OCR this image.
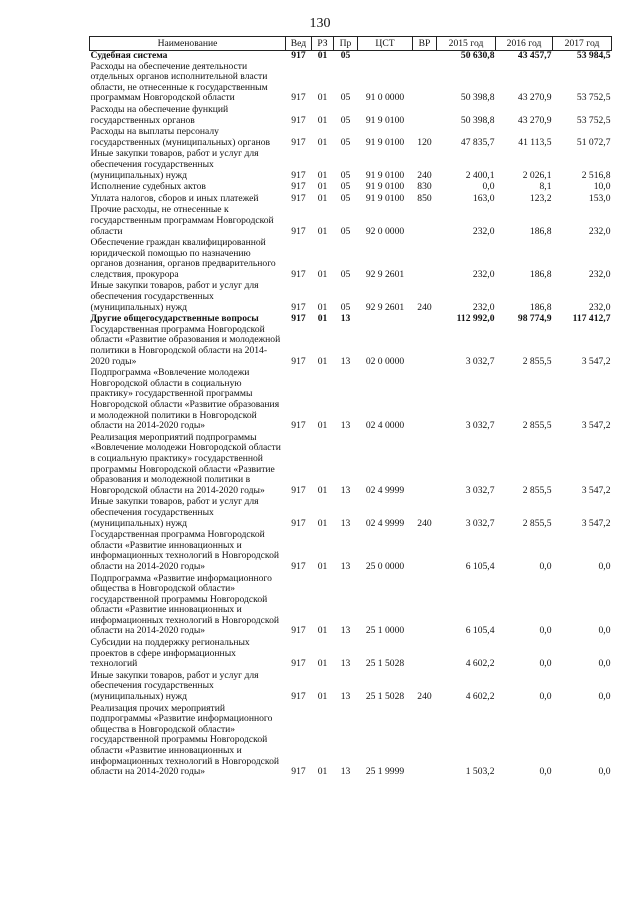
130
Наименование	Вед	РЗ	Пр	ЦСТ	ВР	2015 год	2016 год	2017 год
Судебная система	917	01	05			50 630,8	43 457,7	53 984,5
Расходы на обеспечение деятельности отдельных органов исполнительной власти области, не отнесенные к государственным программам Новгородской области	917	01	05	91 0 0000		50 398,8	43 270,9	53 752,5
Расходы на обеспечение функций государственных органов	917	01	05	91 9 0100		50 398,8	43 270,9	53 752,5
Расходы на выплаты персоналу государственных (муниципальных) органов	917	01	05	91 9 0100	120	47 835,7	41 113,5	51 072,7
Иные закупки товаров, работ и услуг для обеспечения государственных (муниципальных) нужд	917	01	05	91 9 0100	240	2 400,1	2 026,1	2 516,8
Исполнение судебных актов	917	01	05	91 9 0100	830	0,0	8,1	10,0
Уплата налогов, сборов и иных платежей	917	01	05	91 9 0100	850	163,0	123,2	153,0
Прочие расходы, не отнесенные к государственным программам Новгородской области	917	01	05	92 0 0000		232,0	186,8	232,0
Обеспечение граждан квалифицированной юридической помощью по назначению органов дознания, органов предварительного следствия, прокурора	917	01	05	92 9 2601		232,0	186,8	232,0
Иные закупки товаров, работ и услуг для обеспечения государственных (муниципальных) нужд	917	01	05	92 9 2601	240	232,0	186,8	232,0
Другие общегосударственные вопросы	917	01	13			112 992,0	98 774,9	117 412,7
Государственная программа Новгородской области «Развитие образования и молодежной политики в Новгородской области на 2014-2020 годы»	917	01	13	02 0 0000		3 032,7	2 855,5	3 547,2
Подпрограмма «Вовлечение молодежи Новгородской области в социальную практику» государственной программы Новгородской области «Развитие образования и молодежной политики в Новгородской области на 2014-2020 годы»	917	01	13	02 4 0000		3 032,7	2 855,5	3 547,2
Реализация мероприятий подпрограммы «Вовлечение молодежи Новгородской области в социальную практику» государственной программы Новгородской области «Развитие образования и молодежной политики в Новгородской области на 2014-2020 годы»	917	01	13	02 4 9999		3 032,7	2 855,5	3 547,2
Иные закупки товаров, работ и услуг для обеспечения государственных (муниципальных) нужд	917	01	13	02 4 9999	240	3 032,7	2 855,5	3 547,2
Государственная программа Новгородской области «Развитие инновационных и информационных технологий в Новгородской области на 2014-2020 годы»	917	01	13	25 0 0000		6 105,4	0,0	0,0
Подпрограмма «Развитие информационного общества в Новгородской области» государственной программы Новгородской области «Развитие инновационных и информационных технологий в Новгородской области на 2014-2020 годы»	917	01	13	25 1 0000		6 105,4	0,0	0,0
Субсидии на поддержку региональных проектов в сфере информационных технологий	917	01	13	25 1 5028		4 602,2	0,0	0,0
Иные закупки товаров, работ и услуг для обеспечения государственных (муниципальных) нужд	917	01	13	25 1 5028	240	4 602,2	0,0	0,0
Реализация прочих мероприятий подпрограммы «Развитие информационного общества в Новгородской области» государственной программы Новгородской области «Развитие инновационных и информационных технологий в Новгородской области на 2014-2020 годы»	917	01	13	25 1 9999		1 503,2	0,0	0,0
